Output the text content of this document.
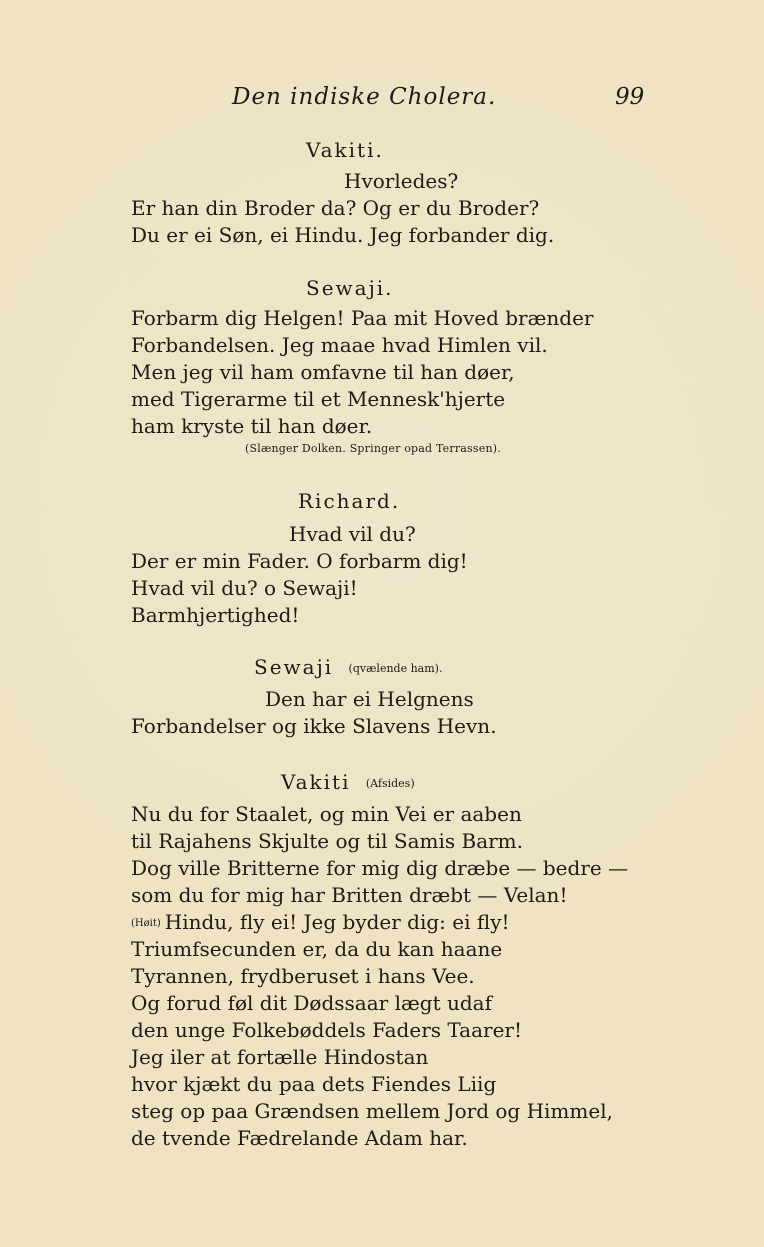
Den indiske Cholera.	99
Vakiti.
Hvorledes?
Er han din Broder da? Og er du Broder?
Du er ei Søn, ei Hindu. Jeg forbander dig.
Sewaji.
Forbarm dig Helgen! Paa mit Hoved brænder
Forbandelsen. Jeg maae hvad Himlen vil.
Men jeg vil ham omfavne til han døer,
med Tigerarme til et Mennesk'hjerte
ham kryste til han døer.
(Slænger Dolken. Springer opad Terrassen).
Richard.
Hvad vil du?
Der er min Fader. O forbarm dig!
Hvad vil du? o Sewaji!
Barmhjertighed!
Sewaji (qvælende ham).
Den har ei Helgnens
Forbandelser og ikke Slavens Hevn.
Vakiti (Afsides)
Nu du for Staalet, og min Vei er aaben
til Rajahens Skjulte og til Samis Barm.
Dog ville Britterne for mig dig dræbe — bedre —
som du for mig har Britten dræbt — Velan!
(Høit) Hindu, fly ei! Jeg byder dig: ei fly!
Triumfsecunden er, da du kan haane
Tyrannen, frydberuset i hans Vee.
Og forud føl dit Dødssaar lægt udaf
den unge Folkebøddels Faders Taarer!
Jeg iler at fortælle Hindostan
hvor kjækt du paa dets Fiendes Liig
steg op paa Grændsen mellem Jord og Himmel,
de tvende Fædrelande Adam har.
